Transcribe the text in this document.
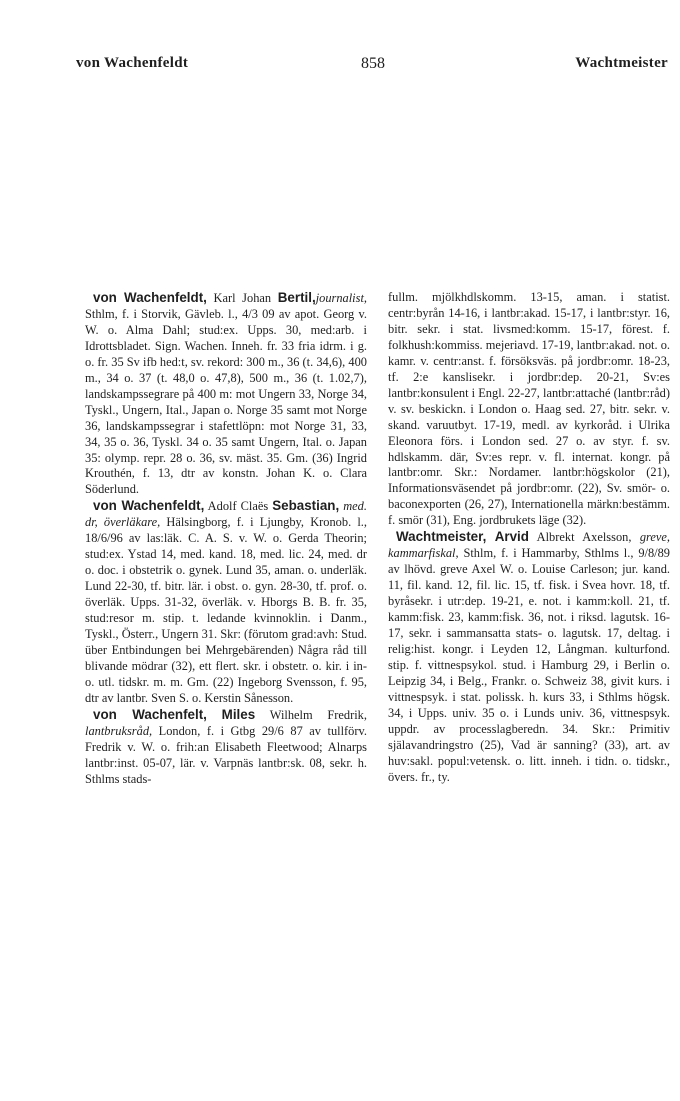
von Wachenfeldt	858	Wachtmeister

von Wachenfeldt, Karl Johan Bertil,journalist, Sthlm, f. i Storvik, Gävleb. l., 4/3 09 av apot. Georg v. W. o. Alma Dahl; stud:ex. Upps. 30, med:arb. i Idrottsbladet. Sign. Wachen. Inneh. fr. 33 fria idrm. i g. o. fr. 35 Sv ifb hed:t, sv. rekord: 300 m., 36 (t. 34,6), 400 m., 34 o. 37 (t. 48,0 o. 47,8), 500 m., 36 (t. 1.02,7), landskampssegrare på 400 m: mot Ungern 33, Norge 34, Tyskl., Ungern, Ital., Japan o. Norge 35 samt mot Norge 36, landskampssegrar i stafettlöpn: mot Norge 31, 33, 34, 35 o. 36, Tyskl. 34 o. 35 samt Ungern, Ital. o. Japan 35: olymp. repr. 28 o. 36, sv. mäst. 35. Gm. (36) Ingrid Krouthén, f. 13, dtr av konstn. Johan K. o. Clara Söderlund.

von Wachenfeldt, Adolf Claës Sebastian, med. dr, överläkare, Hälsingborg, f. i Ljungby, Kronob. l., 18/6/96 av las:läk. C. A. S. v. W. o. Gerda Theorin; stud:ex. Ystad 14, med. kand. 18, med. lic. 24, med. dr o. doc. i obstetrik o. gynek. Lund 35, aman. o. underläk. Lund 22-30, tf. bitr. lär. i obst. o. gyn. 28-30, tf. prof. o. överläk. Upps. 31-32, överläk. v. Hborgs B. B. fr. 35, stud:resor m. stip. t. ledande kvinnoklin. i Danm., Tyskl., Österr., Ungern 31. Skr: (förutom grad:avh: Stud. über Entbindungen bei Mehrgebärenden) Några råd till blivande mödrar (32), ett flert. skr. i obstetr. o. kir. i in- o. utl. tidskr. m. m. Gm. (22) Ingeborg Svensson, f. 95, dtr av lantbr. Sven S. o. Kerstin Sånesson.

von Wachenfelt, Miles Wilhelm Fredrik, lantbruksråd, London, f. i Gtbg 29/6 87 av tullförv. Fredrik v. W. o. frih:an Elisabeth Fleetwood; Alnarps lantbr:inst. 05-07, lär. v. Varpnäs lantbr:sk. 08, sekr. h. Sthlms stads-

fullm. mjölkhdlskomm. 13-15, aman. i statist. centr:byrån 14-16, i lantbr:akad. 15-17, i lantbr:styr. 16, bitr. sekr. i stat. livsmed:komm. 15-17, förest. f. folkhush:kommiss. mejeriavd. 17-19, lantbr:akad. not. o. kamr. v. centr:anst. f. försöksväs. på jordbr:omr. 18-23, tf. 2:e kanslisekr. i jordbr:dep. 20-21, Sv:es lantbr:konsulent i Engl. 22-27, lantbr:attaché (lantbr:råd) v. sv. beskickn. i London o. Haag sed. 27, bitr. sekr. v. skand. varuutbyt. 17-19, medl. av kyrkoråd. i Ulrika Eleonora förs. i London sed. 27 o. av styr. f. sv. hdlskamm. där, Sv:es repr. v. fl. internat. kongr. på lantbr:omr. Skr.: Nordamer. lantbr:högskolor (21), Informationsväsendet på jordbr:omr. (22), Sv. smör- o. baconexporten (26, 27), Internationella märkn:bestämm. f. smör (31), Eng. jordbrukets läge (32).

Wachtmeister, Arvid Albrekt Axelsson, greve, kammarfiskal, Sthlm, f. i Hammarby, Sthlms l., 9/8/89 av lhövd. greve Axel W. o. Louise Carleson; jur. kand. 11, fil. kand. 12, fil. lic. 15, tf. fisk. i Svea hovr. 18, tf. byråsekr. i utr:dep. 19-21, e. not. i kamm:koll. 21, tf. kamm:fisk. 23, kamm:fisk. 36, not. i riksd. lagutsk. 16-17, sekr. i sammansatta stats- o. lagutsk. 17, deltag. i relig:hist. kongr. i Leyden 12, Långman. kulturfond. stip. f. vittnespsykol. stud. i Hamburg 29, i Berlin o. Leipzig 34, i Belg., Frankr. o. Schweiz 38, givit kurs. i vittnespsyk. i stat. polissk. h. kurs 33, i Sthlms högsk. 34, i Upps. univ. 35 o. i Lunds univ. 36, vittnespsyk. uppdr. av processlagberedn. 34. Skr.: Primitiv själavandringstro (25), Vad är sanning? (33), art. av huv:sakl. popul:vetensk. o. litt. inneh. i tidn. o. tidskr., övers. fr., ty.
